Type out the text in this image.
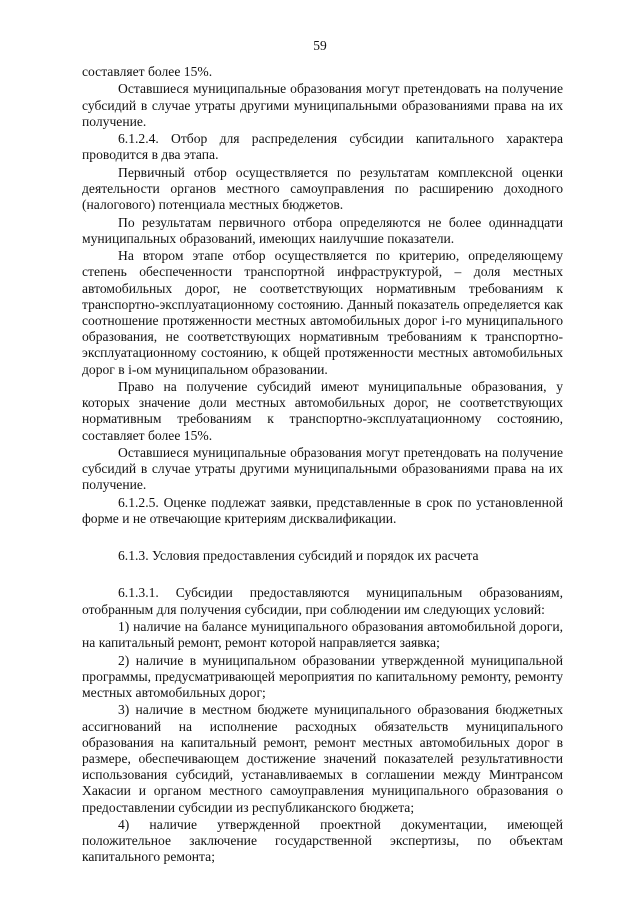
59

составляет более 15%.

Оставшиеся муниципальные образования могут претендовать на получение субсидий в случае утраты другими муниципальными образованиями права на их получение.

6.1.2.4. Отбор для распределения субсидии капитального характера проводится в два этапа.

Первичный отбор осуществляется по результатам комплексной оценки деятельности органов местного самоуправления по расширению доходного (налогового) потенциала местных бюджетов.

По результатам первичного отбора определяются не более одиннадцати муниципальных образований, имеющих наилучшие показатели.

На втором этапе отбор осуществляется по критерию, определяющему степень обеспеченности транспортной инфраструктурой, – доля местных автомобильных дорог, не соответствующих нормативным требованиям к транспортно-эксплуатационному состоянию. Данный показатель определяется как соотношение протяженности местных автомобильных дорог i-го муниципального образования, не соответствующих нормативным требованиям к транспортно-эксплуатационному состоянию, к общей протяженности местных автомобильных дорог в i-ом муниципальном образовании.

Право на получение субсидий имеют муниципальные образования, у которых значение доли местных автомобильных дорог, не соответствующих нормативным требованиям к транспортно-эксплуатационному состоянию, составляет более 15%.

Оставшиеся муниципальные образования могут претендовать на получение субсидий в случае утраты другими муниципальными образованиями права на их получение.

6.1.2.5. Оценке подлежат заявки, представленные в срок по установленной форме и не отвечающие критериям дисквалификации.

6.1.3. Условия предоставления субсидий и порядок их расчета

6.1.3.1. Субсидии предоставляются муниципальным образованиям, отобранным для получения субсидии, при соблюдении им следующих условий:

1) наличие на балансе муниципального образования автомобильной дороги, на капитальный ремонт, ремонт которой направляется заявка;

2) наличие в муниципальном образовании утвержденной муниципальной программы, предусматривающей мероприятия по капитальному ремонту, ремонту местных автомобильных дорог;

3) наличие в местном бюджете муниципального образования бюджетных ассигнований на исполнение расходных обязательств муниципального образования на капитальный ремонт, ремонт местных автомобильных дорог в размере, обеспечивающем достижение значений показателей результативности использования субсидий, устанавливаемых в соглашении между Минтрансом Хакасии и органом местного самоуправления муниципального образования о предоставлении субсидии из республиканского бюджета;

4) наличие утвержденной проектной документации, имеющей положительное заключение государственной экспертизы, по объектам капитального ремонта;
